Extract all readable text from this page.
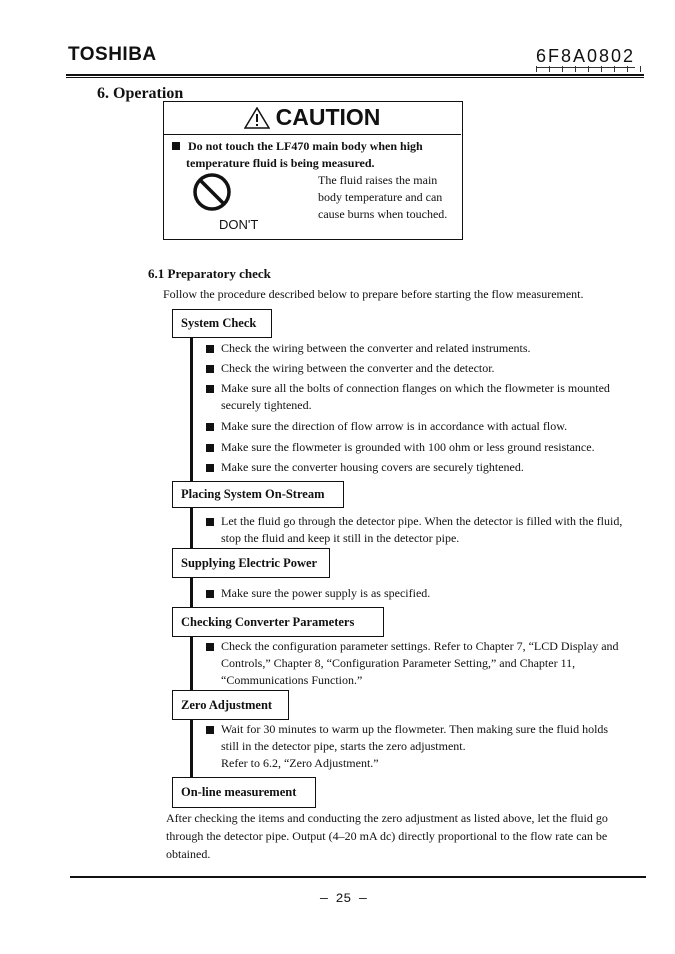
TOSHIBA	6F8A0802
6. Operation
CAUTION
Do not touch the LF470 main body when high
temperature fluid is being measured.
DON'T
The fluid raises the main
body temperature and can
cause burns when touched.
6.1 Preparatory check
Follow the procedure described below to prepare before starting the flow measurement.
System Check
Check the wiring between the converter and related instruments.
Check the wiring between the converter and the detector.
Make sure all the bolts of connection flanges on which the flowmeter is mounted securely tightened.
Make sure the direction of flow arrow is in accordance with actual flow.
Make sure the flowmeter is grounded with 100 ohm or less ground resistance.
Make sure the converter housing covers are securely tightened.
Placing System On-Stream
Let the fluid go through the detector pipe. When the detector is filled with the fluid, stop the fluid and keep it still in the detector pipe.
Supplying Electric Power
Make sure the power supply is as specified.
Checking Converter Parameters
Check the configuration parameter settings. Refer to Chapter 7, “LCD Display and Controls,” Chapter 8, “Configuration Parameter Setting,” and Chapter 11, “Communications Function.”
Zero Adjustment
Wait for 30 minutes to warm up the flowmeter. Then making sure the fluid holds still in the detector pipe, starts the zero adjustment.
Refer to 6.2, “Zero Adjustment.”
On-line measurement
After checking the items and conducting the zero adjustment as listed above, let the fluid go through the detector pipe. Output (4–20 mA dc) directly proportional to the flow rate can be obtained.
— 25 —
